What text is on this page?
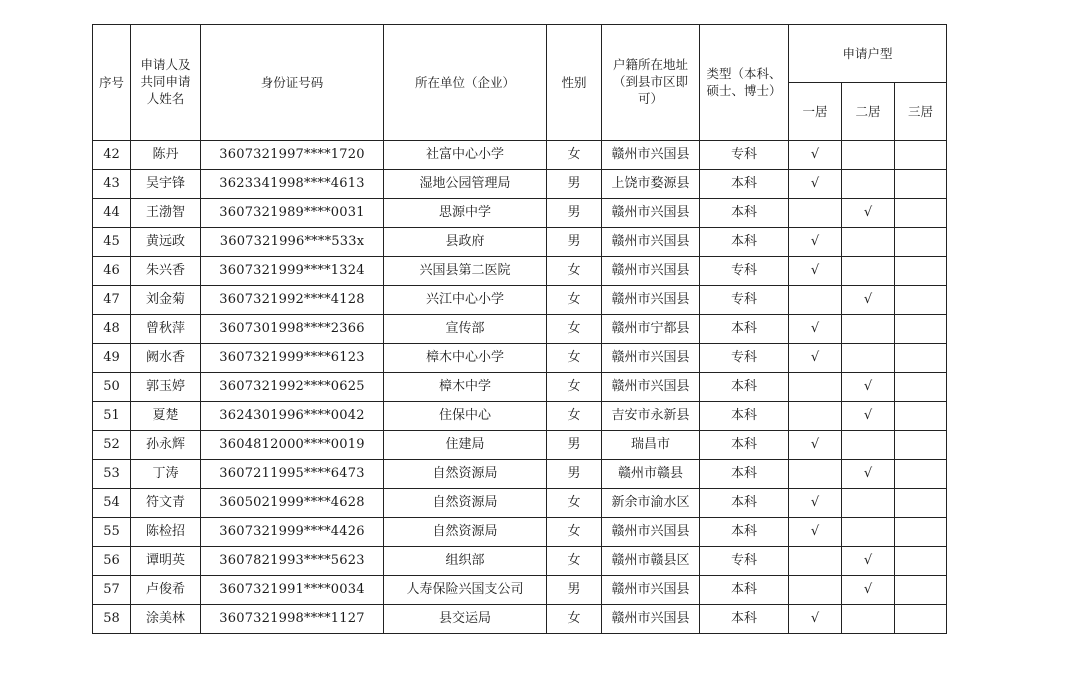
序号	申请人及
共同申请
人姓名	身份证号码	所在单位（企业）	性别	户籍所在地址
（到县市区即
可）	类型（本科、
硕士、博士）	申请户型		
							一居	二居	三居
42	陈丹	3607321997****1720	社富中心小学	女	赣州市兴国县	专科	√		
43	吴宇锋	3623341998****4613	湿地公园管理局	男	上饶市婺源县	本科	√		
44	王渤智	3607321989****0031	思源中学	男	赣州市兴国县	本科		√	
45	黄远政	3607321996****533x	县政府	男	赣州市兴国县	本科	√		
46	朱兴香	3607321999****1324	兴国县第二医院	女	赣州市兴国县	专科	√		
47	刘金菊	3607321992****4128	兴江中心小学	女	赣州市兴国县	专科		√	
48	曾秋萍	3607301998****2366	宣传部	女	赣州市宁都县	本科	√		
49	阙水香	3607321999****6123	樟木中心小学	女	赣州市兴国县	专科	√		
50	郭玉婷	3607321992****0625	樟木中学	女	赣州市兴国县	本科		√	
51	夏楚	3624301996****0042	住保中心	女	吉安市永新县	本科		√	
52	孙永辉	3604812000****0019	住建局	男	瑞昌市	本科	√		
53	丁涛	3607211995****6473	自然资源局	男	赣州市赣县	本科		√	
54	符文青	3605021999****4628	自然资源局	女	新余市渝水区	本科	√		
55	陈检招	3607321999****4426	自然资源局	女	赣州市兴国县	本科	√		
56	谭明英	3607821993****5623	组织部	女	赣州市赣县区	专科		√	
57	卢俊希	3607321991****0034	人寿保险兴国支公司	男	赣州市兴国县	本科		√	
58	涂美林	3607321998****1127	县交运局	女	赣州市兴国县	本科	√		
